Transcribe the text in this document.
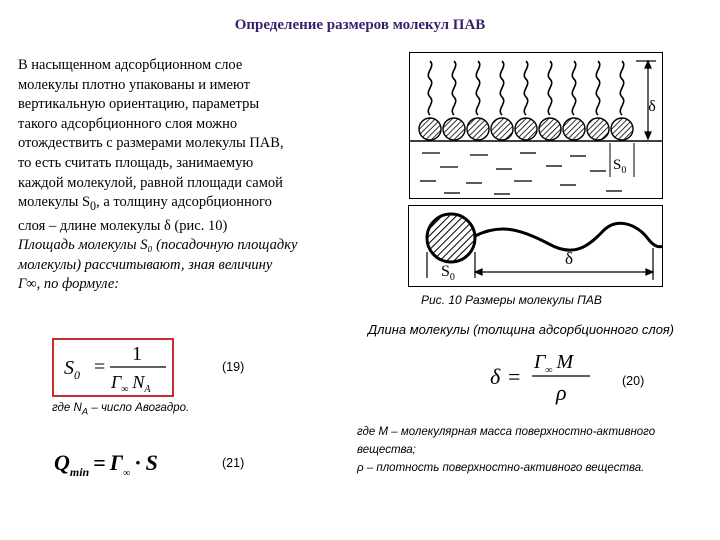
Определение размеров молекул ПАВ

В насыщенном адсорбционном слое

молекулы плотно упакованы и имеют

вертикальную ориентацию, параметры

такого адсорбционного слоя можно

отождествить с размерами молекулы ПАВ,

то есть считать площадь, занимаемую

каждой молекулой, равной площади самой

молекулы $S_0$, а толщину адсорбционного

слоя – длине молекулы δ (рис. 10)

Площадь молекулы S₀ (посадочную площадку

молекулы) рассчитывают, зная величину

Г∞, по формуле:

δ
$S_0$
$S_0$
δ
Рис. 10 Размеры молекулы ПАВ
Длина молекулы (толщина адсорбционного слоя)
$S_0$ =
1
$Г_\infty$ $N_A$
(19)
где $N_A$ – число Авогадро.
δ =
$Г_\infty$ M
ρ	(20)
где М – молекулярная масса поверхностно-активного
вещества;
ρ – плотность поверхностно-активного вещества.
$Q_{min} = Г_\infty \cdot S$	(21)
